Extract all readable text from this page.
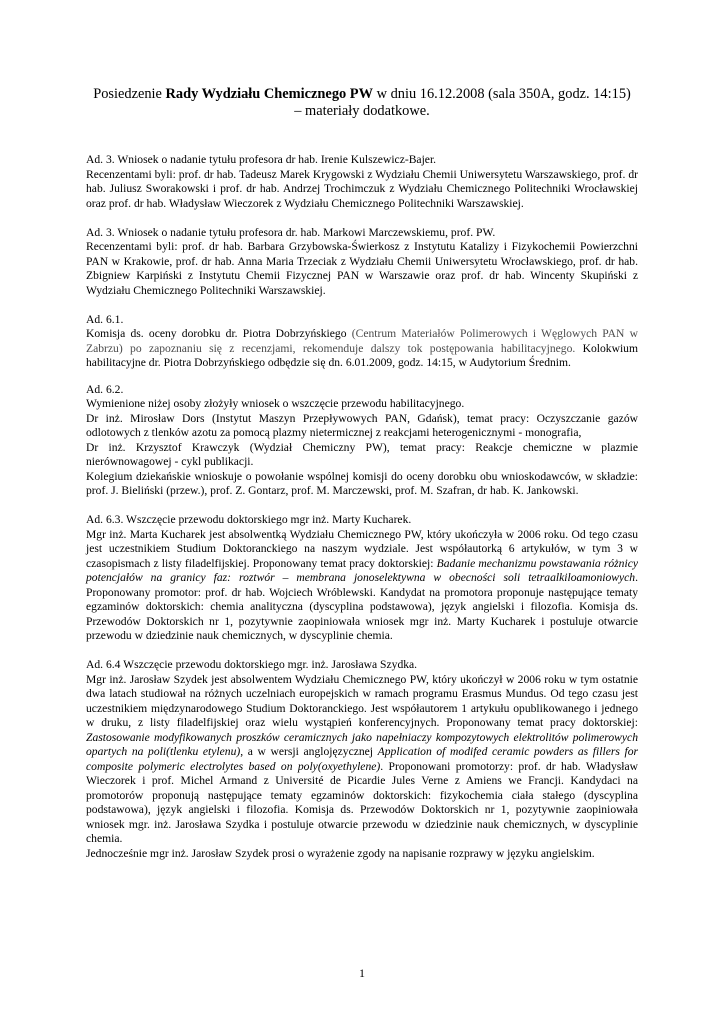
Posiedzenie Rady Wydziału Chemicznego PW w dniu 16.12.2008 (sala 350A, godz. 14:15)
– materiały dodatkowe.

Ad. 3. Wniosek o nadanie tytułu profesora dr hab. Irenie Kulszewicz-Bajer.

Recenzentami byli: prof. dr hab. Tadeusz Marek Krygowski z Wydziału Chemii Uniwersytetu Warszawskiego, prof. dr hab. Juliusz Sworakowski i prof. dr hab. Andrzej Trochimczuk z Wydziału Chemicznego Politechniki Wrocławskiej oraz prof. dr hab. Władysław Wieczorek z Wydziału Chemicznego Politechniki Warszawskiej.

Ad. 3. Wniosek o nadanie tytułu profesora dr. hab. Markowi Marczewskiemu, prof. PW.

Recenzentami byli: prof. dr hab. Barbara Grzybowska-Świerkosz z Instytutu Katalizy i Fizykochemii Powierzchni PAN w Krakowie, prof. dr hab. Anna Maria Trzeciak z Wydziału Chemii Uniwersytetu Wrocławskiego, prof. dr hab. Zbigniew Karpiński z Instytutu Chemii Fizycznej PAN w Warszawie oraz prof. dr hab. Wincenty Skupiński z Wydziału Chemicznego Politechniki Warszawskiej.

Ad. 6.1.

Komisja ds. oceny dorobku dr. Piotra Dobrzyńskiego (Centrum Materiałów Polimerowych i Węglowych PAN w Zabrzu) po zapoznaniu się z recenzjami, rekomenduje dalszy tok postępowania habilitacyjnego. Kolokwium habilitacyjne dr. Piotra Dobrzyńskiego odbędzie się dn. 6.01.2009, godz. 14:15, w Audytorium Średnim.

Ad. 6.2.

Wymienione niżej osoby złożyły wniosek o wszczęcie przewodu habilitacyjnego.

Dr inż. Mirosław Dors (Instytut Maszyn Przepływowych PAN, Gdańsk), temat pracy: Oczyszczanie gazów odlotowych z tlenków azotu za pomocą plazmy nietermicznej z reakcjami heterogenicznymi - monografia,

Dr inż. Krzysztof Krawczyk (Wydział Chemiczny PW), temat pracy: Reakcje chemiczne w plazmie nierównowagowej - cykl publikacji.

Kolegium dziekańskie wnioskuje o powołanie wspólnej komisji do oceny dorobku obu wnioskodawców, w składzie: prof. J. Bieliński (przew.), prof. Z. Gontarz, prof. M. Marczewski, prof. M. Szafran, dr hab. K. Jankowski.

Ad. 6.3. Wszczęcie przewodu doktorskiego mgr inż. Marty Kucharek.

Mgr inż. Marta Kucharek jest absolwentką Wydziału Chemicznego PW, który ukończyła w 2006 roku. Od tego czasu jest uczestnikiem Studium Doktoranckiego na naszym wydziale. Jest współautorką 6 artykułów, w tym 3 w czasopismach z listy filadelfijskiej. Proponowany temat pracy doktorskiej: Badanie mechanizmu powstawania różnicy potencjałów na granicy faz: roztwór – membrana jonoselektywna w obecności soli tetraalkiloamoniowych. Proponowany promotor: prof. dr hab. Wojciech Wróblewski. Kandydat na promotora proponuje następujące tematy egzaminów doktorskich: chemia analityczna (dyscyplina podstawowa), język angielski i filozofia. Komisja ds. Przewodów Doktorskich nr 1, pozytywnie zaopiniowała wniosek mgr inż. Marty Kucharek i postuluje otwarcie przewodu w dziedzinie nauk chemicznych, w dyscyplinie chemia.

Ad. 6.4 Wszczęcie przewodu doktorskiego mgr. inż. Jarosława Szydka.

Mgr inż. Jarosław Szydek jest absolwentem Wydziału Chemicznego PW, który ukończył w 2006 roku w tym ostatnie dwa latach studiował na różnych uczelniach europejskich w ramach programu Erasmus Mundus. Od tego czasu jest uczestnikiem międzynarodowego Studium Doktoranckiego. Jest współautorem 1 artykułu opublikowanego i jednego w druku, z listy filadelfijskiej oraz wielu wystąpień konferencyjnych. Proponowany temat pracy doktorskiej: Zastosowanie modyfikowanych proszków ceramicznych jako napełniaczy kompozytowych elektrolitów polimerowych opartych na poli(tlenku etylenu), a w wersji anglojęzycznej Application of modifed ceramic powders as fillers for composite polymeric electrolytes based on poly(oxyethylene). Proponowani promotorzy: prof. dr hab. Władysław Wieczorek i prof. Michel Armand z Université de Picardie Jules Verne z Amiens we Francji. Kandydaci na promotorów proponują następujące tematy egzaminów doktorskich: fizykochemia ciała stałego (dyscyplina podstawowa), język angielski i filozofia. Komisja ds. Przewodów Doktorskich nr 1, pozytywnie zaopiniowała wniosek mgr. inż. Jarosława Szydka i postuluje otwarcie przewodu w dziedzinie nauk chemicznych, w dyscyplinie chemia.

Jednocześnie mgr inż. Jarosław Szydek prosi o wyrażenie zgody na napisanie rozprawy w języku angielskim.

1
